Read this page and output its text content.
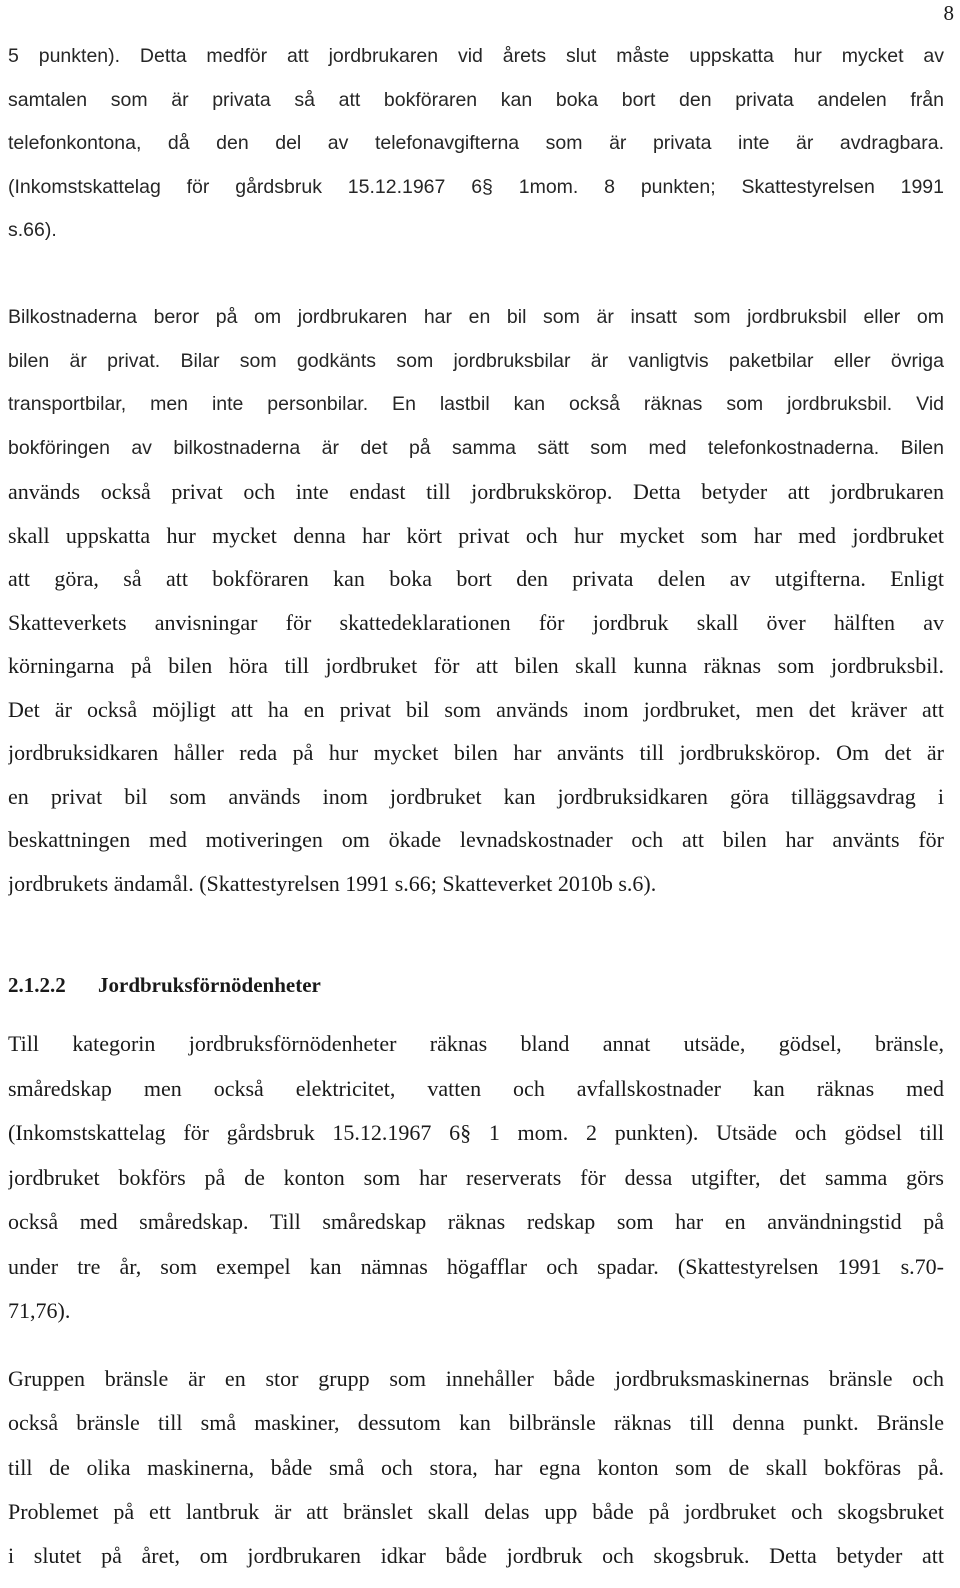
8
5 punkten). Detta medför att jordbrukaren vid årets slut måste uppskatta hur mycket av
samtalen som är privata så att bokföraren kan boka bort den privata andelen från
telefonkontona, då den del av telefonavgifterna som är privata inte är avdragbara.
(Inkomstskattelag för gårdsbruk 15.12.1967 6§ 1mom. 8 punkten; Skattestyrelsen 1991
s.66).
Bilkostnaderna beror på om jordbrukaren har en bil som är insatt som jordbruksbil eller om
bilen är privat. Bilar som godkänts som jordbruksbilar är vanligtvis paketbilar eller övriga
transportbilar, men inte personbilar. En lastbil kan också räknas som jordbruksbil. Vid
bokföringen av bilkostnaderna är det på samma sätt som med telefonkostnaderna. Bilen
används också privat och inte endast till jordbrukskörор. Detta betyder att jordbrukaren
skall uppskatta hur mycket denna har kört privat och hur mycket som har med jordbruket
att göra, så att bokföraren kan boka bort den privata delen av utgifterna. Enligt
Skatteverkets anvisningar för skattedeklarationen för jordbruk skall över hälften av
körningarna på bilen höra till jordbruket för att bilen skall kunna räknas som jordbruksbil.
Det är också möjligt att ha en privat bil som används inom jordbruket, men det kräver att
jordbruksidkaren håller reda på hur mycket bilen har använts till jordbrukskörор. Om det är
en privat bil som används inom jordbruket kan jordbruksidkaren göra tilläggsavdrag i
beskattningen med motiveringen om ökade levnadskostnader och att bilen har använts för
jordbrukets ändamål. (Skattestyrelsen 1991 s.66; Skatteverket 2010b s.6).
2.1.2.2 Jordbruksförnödenheter
Till kategorin jordbruksförnödenheter räknas bland annat utsäde, gödsel, bränsle,
småredskap men också elektricitet, vatten och avfallskostnader kan räknas med
(Inkomstskattelag för gårdsbruk 15.12.1967 6§ 1 mom. 2 punkten). Utsäde och gödsel till
jordbruket bokförs på de konton som har reserverats för dessa utgifter, det samma görs
också med småredskap. Till småredskap räknas redskap som har en användningstid på
under tre år, som exempel kan nämnas högafflar och spadar. (Skattestyrelsen 1991 s.70-
71,76).
Gruppen bränsle är en stor grupp som innehåller både jordbruksmaskinernas bränsle och
också bränsle till små maskiner, dessutom kan bilbränsle räknas till denna punkt. Bränsle
till de olika maskinerna, både små och stora, har egna konton som de skall bokföras på.
Problemet på ett lantbruk är att bränslet skall delas upp både på jordbruket och skogsbruket
i slutet på året, om jordbrukaren idkar både jordbruk och skogsbruk. Detta betyder att
